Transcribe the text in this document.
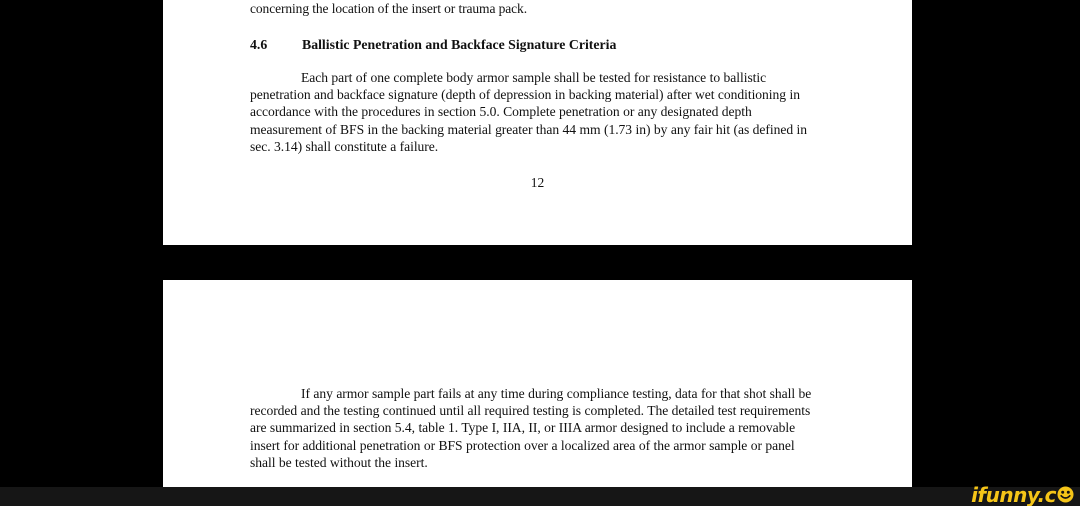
concerning the location of the insert or trauma pack.

4.6	Ballistic Penetration and Backface Signature Criteria

Each part of one complete body armor sample shall be tested for resistance to ballistic penetration and backface signature (depth of depression in backing material) after wet conditioning in accordance with the procedures in section 5.0. Complete penetration or any designated depth measurement of BFS in the backing material greater than 44 mm (1.73 in) by any fair hit (as defined in sec. 3.14) shall constitute a failure.

12

If any armor sample part fails at any time during compliance testing, data for that shot shall be recorded and the testing continued until all required testing is completed. The detailed test requirements are summarized in section 5.4, table 1. Type I, IIA, II, or IIIA armor designed to include a removable insert for additional penetration or BFS protection over a localized area of the armor sample or panel shall be tested without the insert.

ifunny.c
